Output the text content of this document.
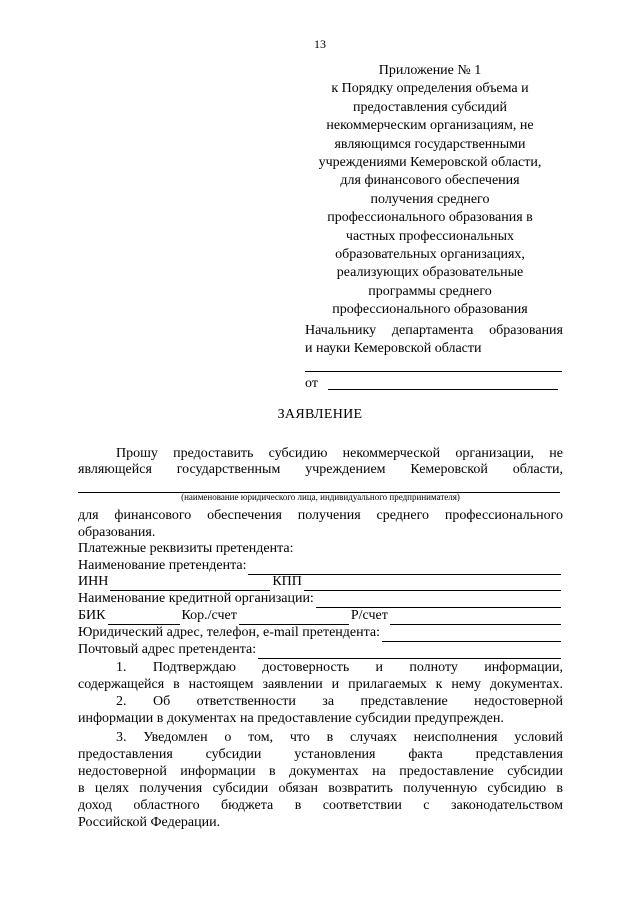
13
Приложение № 1
к Порядку определения объема и
предоставления субсидий
некоммерческим организациям, не
являющимся государственными
учреждениями Кемеровской области,
для финансового обеспечения
получения среднего
профессионального образования в
частных профессиональных
образовательных организациях,
реализующих образовательные
программы среднего
профессионального образования
Начальнику департамента образования
и науки Кемеровской области
от
ЗАЯВЛЕНИЕ
Прошу предоставить субсидию некоммерческой организации, не
являющейся государственным учреждением Кемеровской области,
(наименование юридического лица, индивидуального предпринимателя)
для финансового обеспечения получения среднего профессионального
образования.
Платежные реквизиты претендента:
Наименование претендента:
ИНН	КПП
Наименование кредитной организации:
БИК	Кор./счет	Р/счет
Юридический адрес, телефон, e-mail претендента:
Почтовый адрес претендента:
1. Подтверждаю достоверность и полноту информации,
содержащейся в настоящем заявлении и прилагаемых к нему документах.
2. Об ответственности за представление недостоверной
информации в документах на предоставление субсидии предупрежден.
3. Уведомлен о том, что в случаях неисполнения условий
предоставления субсидии установления факта представления
недостоверной информации в документах на предоставление субсидии
в целях получения субсидии обязан возвратить полученную субсидию в
доход областного бюджета в соответствии с законодательством
Российской Федерации.
